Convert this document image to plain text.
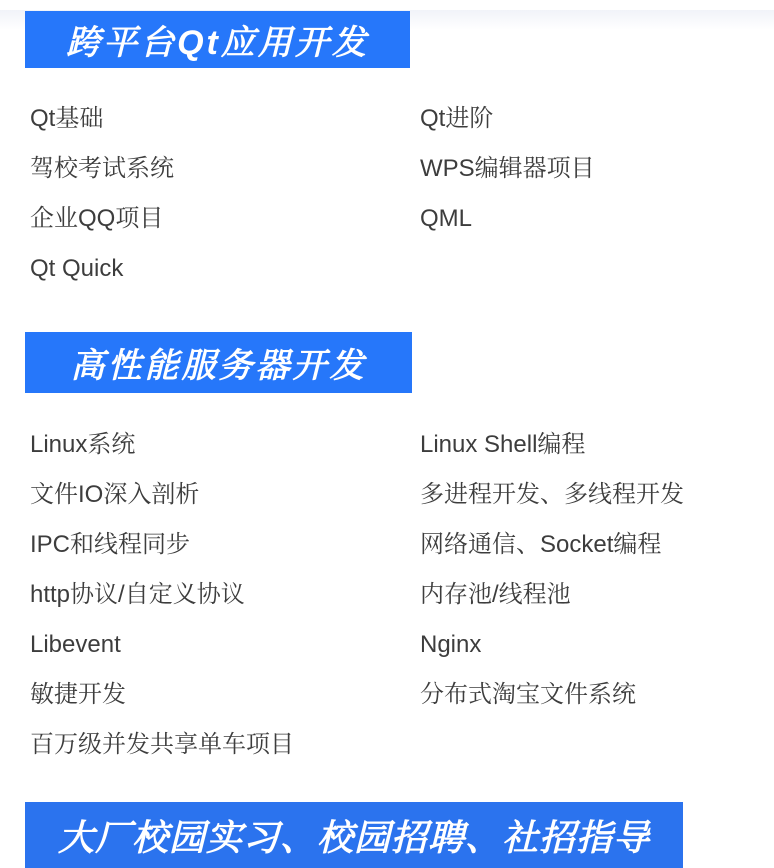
跨平台Qt应用开发
Qt基础	Qt进阶
驾校考试系统	WPS编辑器项目
企业QQ项目	QML
Qt Quick
高性能服务器开发
Linux系统	Linux Shell编程
文件IO深入剖析	多进程开发、多线程开发
IPC和线程同步	网络通信、Socket编程
http协议/自定义协议	内存池/线程池
Libevent	Nginx
敏捷开发	分布式淘宝文件系统
百万级并发共享单车项目
大厂校园实习、校园招聘、社招指导
